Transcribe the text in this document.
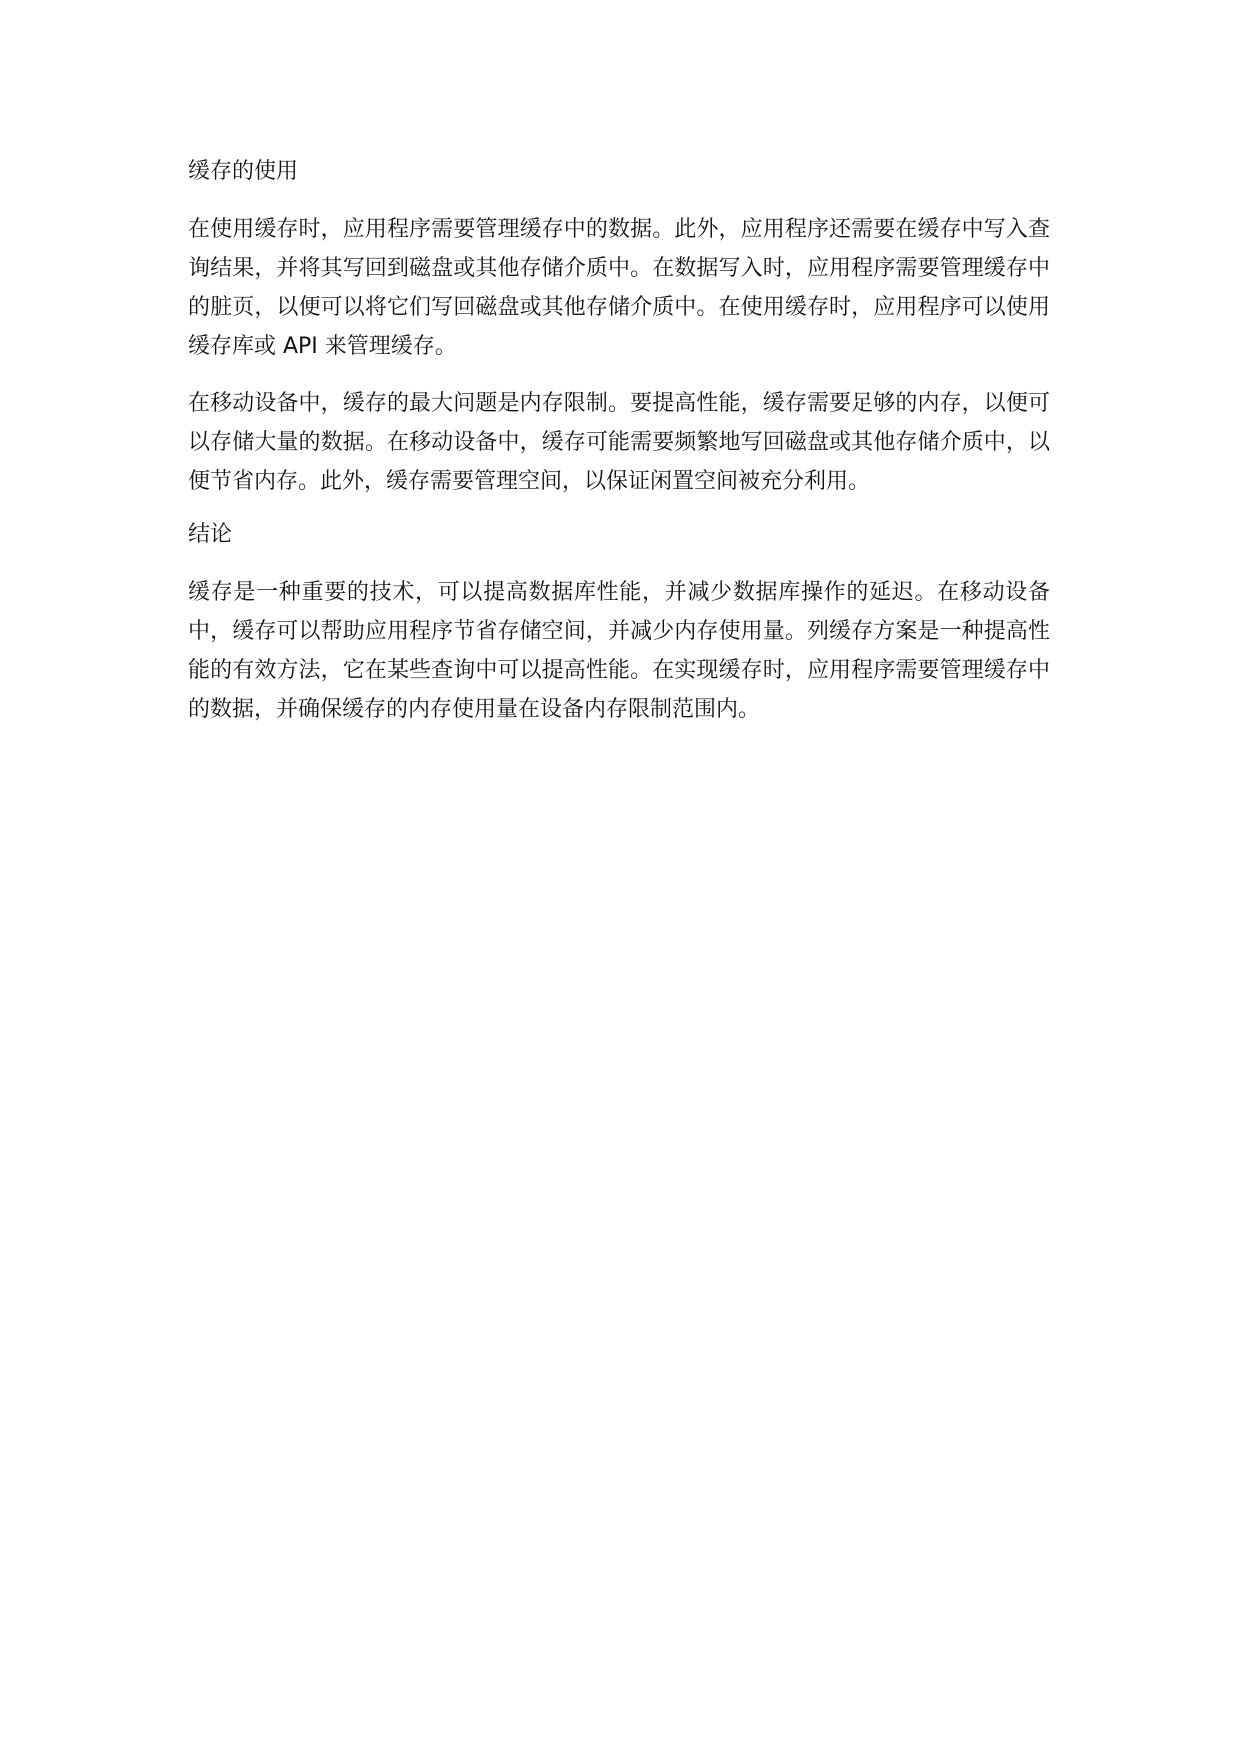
缓存的使用

在使用缓存时，应用程序需要管理缓存中的数据。此外，应用程序还需要在缓存中写入查询结果，并将其写回到磁盘或其他存储介质中。在数据写入时，应用程序需要管理缓存中的脏页，以便可以将它们写回磁盘或其他存储介质中。在使用缓存时，应用程序可以使用缓存库或 API 来管理缓存。

在移动设备中，缓存的最大问题是内存限制。要提高性能，缓存需要足够的内存，以便可以存储大量的数据。在移动设备中，缓存可能需要频繁地写回磁盘或其他存储介质中，以便节省内存。此外，缓存需要管理空间，以保证闲置空间被充分利用。

结论

缓存是一种重要的技术，可以提高数据库性能，并减少数据库操作的延迟。在移动设备中，缓存可以帮助应用程序节省存储空间，并减少内存使用量。列缓存方案是一种提高性能的有效方法，它在某些查询中可以提高性能。在实现缓存时，应用程序需要管理缓存中的数据，并确保缓存的内存使用量在设备内存限制范围内。
